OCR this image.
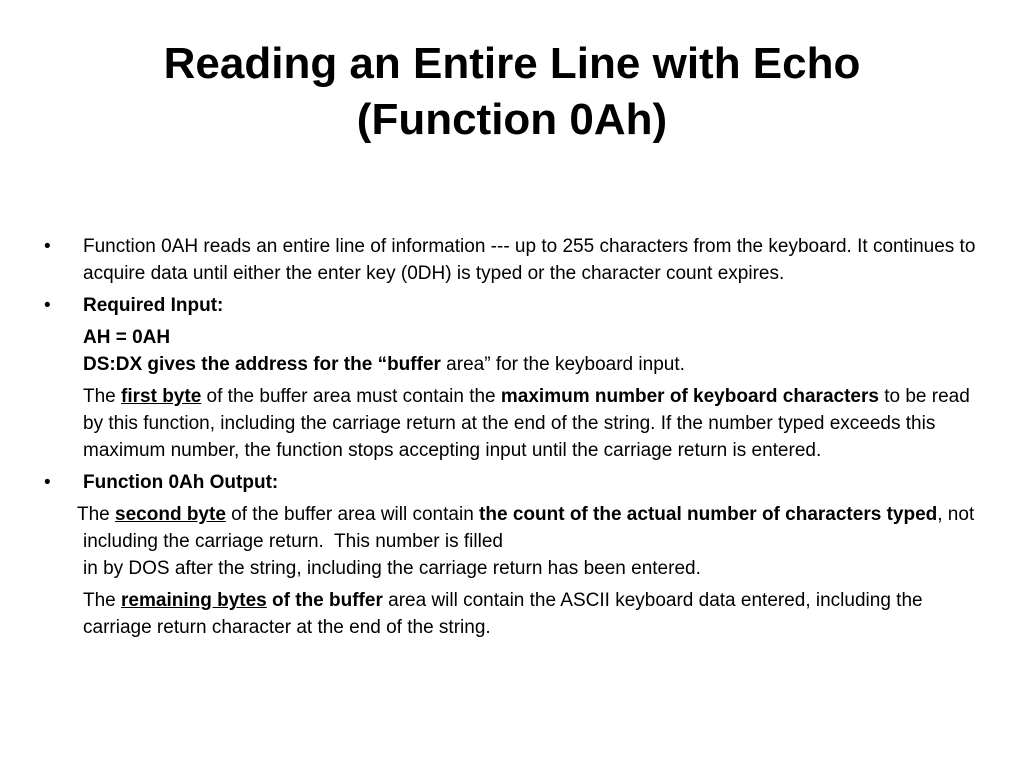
Reading an Entire Line with Echo
(Function 0Ah)
• Function 0AH reads an entire line of information --- up to 255 characters from the keyboard. It continues to acquire data until either the enter key (0DH) is typed or the character count expires.
• Required Input:

AH = 0AH

DS:DX gives the address for the “buffer area” for the keyboard input.

The first byte of the buffer area must contain the maximum number of keyboard characters to be read by this function, including the carriage return at the end of the string. If the number typed exceeds this maximum number, the function stops accepting input until the carriage return is entered.

• Function 0Ah Output:

The second byte of the buffer area will contain the count of the actual number of characters typed, not including the carriage return.  This number is filled

in by DOS after the string, including the carriage return has been entered.

The remaining bytes of the buffer area will contain the ASCII keyboard data entered, including the carriage return character at the end of the string.
